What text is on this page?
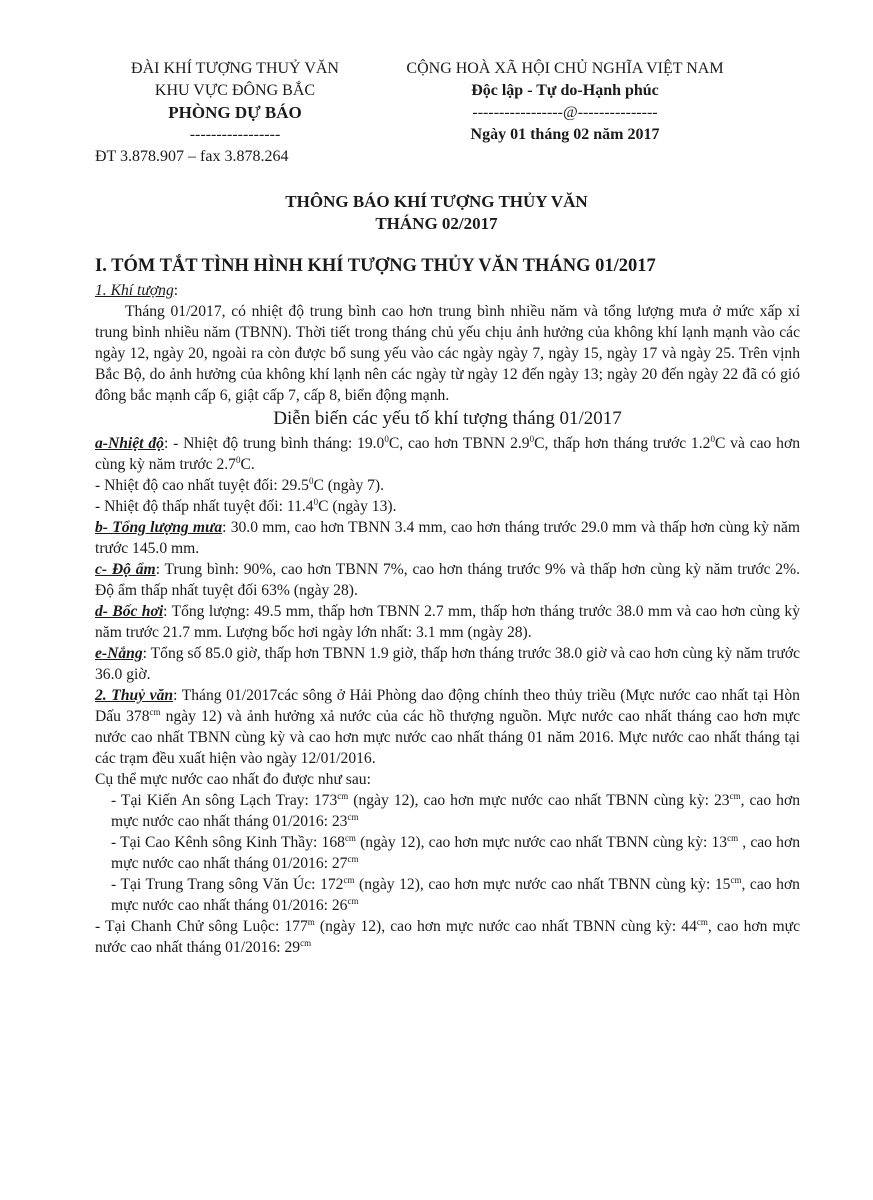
ĐÀI KHÍ TƯỢNG THUỶ VĂN
KHU VỰC ĐÔNG BẮC
PHÒNG DỰ BÁO
-----------------
ĐT 3.878.907 – fax 3.878.264
CỘNG HOÀ XÃ HỘI CHỦ NGHĨA VIỆT NAM
Độc lập - Tự do-Hạnh phúc
-----------------@---------------
Ngày 01 tháng 02 năm 2017
THÔNG BÁO KHÍ TƯỢNG THỦY VĂN
THÁNG 02/2017
I. TÓM TẮT TÌNH HÌNH KHÍ TƯỢNG THỦY VĂN THÁNG 01/2017

1. Khí tượng:

Tháng 01/2017, có nhiệt độ trung bình cao hơn trung bình nhiều năm và tổng lượng mưa ở mức xấp xỉ trung bình nhiều năm (TBNN). Thời tiết trong tháng chủ yếu chịu ảnh hưởng của không khí lạnh mạnh vào các ngày 12, ngày 20, ngoài ra còn được bổ sung yếu vào các ngày ngày 7, ngày 15, ngày 17 và ngày 25. Trên vịnh Bắc Bộ, do ảnh hưởng của không khí lạnh nên các ngày từ ngày 12 đến ngày 13; ngày 20 đến ngày 22 đã có gió đông bắc mạnh cấp 6, giật cấp 7, cấp 8, biển động mạnh.

Diễn biến các yếu tố khí tượng tháng 01/2017

a-Nhiệt độ: - Nhiệt độ trung bình tháng: 19.0$^0$C, cao hơn TBNN $2.9^0C$, thấp hơn tháng trước $1.2^0C$ và cao hơn cùng kỳ năm trước $2.7^0C$.

- Nhiệt độ cao nhất tuyệt đối: 29.5$^0$C (ngày 7).

- Nhiệt độ thấp nhất tuyệt đối: 11.4$^0$C (ngày 13).

b- Tổng lượng mưa: 30.0 mm, cao hơn TBNN 3.4 mm, cao hơn tháng trước 29.0 mm và thấp hơn cùng kỳ năm trước 145.0 mm.

c- Độ ẩm: Trung bình: 90%, cao hơn TBNN 7%, cao hơn tháng trước 9% và thấp hơn cùng kỳ năm trước 2%. Độ ẩm thấp nhất tuyệt đối 63% (ngày 28).

d- Bốc hơi: Tổng lượng: 49.5 mm, thấp hơn TBNN 2.7 mm, thấp hơn tháng trước 38.0 mm và cao hơn cùng kỳ năm trước 21.7 mm. Lượng bốc hơi ngày lớn nhất: 3.1 mm (ngày 28).

e-Nắng: Tổng số 85.0 giờ, thấp hơn TBNN 1.9 giờ, thấp hơn tháng trước 38.0 giờ và cao hơn cùng kỳ năm trước 36.0 giờ.

2. Thuỷ văn: Tháng 01/2017các sông ở Hải Phòng dao động chính theo thủy triều (Mực nước cao nhất tại Hòn Dấu $378^{cm}$ ngày 12) và ảnh hưởng xả nước của các hồ thượng nguồn. Mực nước cao nhất tháng cao hơn mực nước cao nhất TBNN cùng kỳ và cao hơn mực nước cao nhất tháng 01 năm 2016. Mực nước cao nhất tháng tại các trạm đều xuất hiện vào ngày 12/01/2016.

Cụ thể mực nước cao nhất đo được như sau:

- Tại Kiến An sông Lạch Tray: $173^{cm}$ (ngày 12), cao hơn mực nước cao nhất TBNN cùng kỳ: $23^{cm}$, cao hơn mực nước cao nhất tháng 01/2016: $23^{cm}$

- Tại Cao Kênh sông Kinh Thầy: $168^{cm}$ (ngày 12), cao hơn mực nước cao nhất TBNN cùng kỳ: $13^{cm}$ , cao hơn mực nước cao nhất tháng 01/2016: $27^{cm}$

- Tại Trung Trang sông Văn Úc: $172^{cm}$ (ngày 12), cao hơn mực nước cao nhất TBNN cùng kỳ: $15^{cm}$, cao hơn mực nước cao nhất tháng 01/2016: $26^{cm}$

- Tại Chanh Chử sông Luộc: 177$^m$ (ngày 12), cao hơn mực nước cao nhất TBNN cùng kỳ: $44^{cm}$, cao hơn mực nước cao nhất tháng 01/2016: $29^{cm}$
